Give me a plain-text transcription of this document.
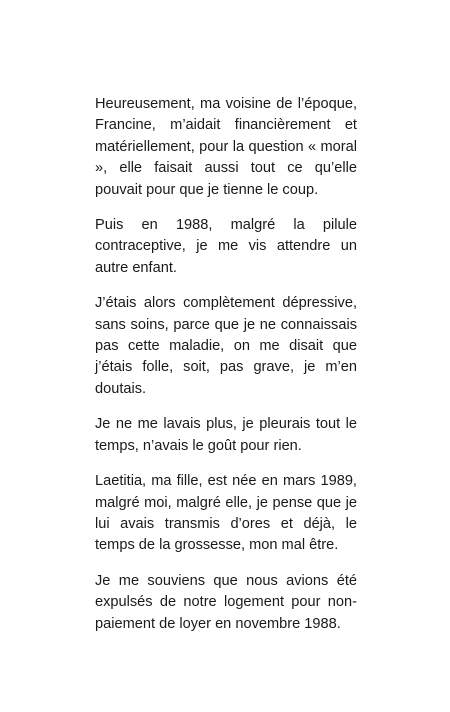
Heureusement, ma voisine de l’époque, Francine, m’aidait financièrement et matériellement, pour la question « moral », elle faisait aussi tout ce qu’elle pouvait pour que je tienne le coup.

Puis en 1988, malgré la pilule contraceptive, je me vis attendre un autre enfant.

J’étais alors complètement dépressive, sans soins, parce que je ne connaissais pas cette maladie, on me disait que j’étais folle, soit, pas grave, je m’en doutais.

Je ne me lavais plus, je pleurais tout le temps, n’avais le goût pour rien.

Laetitia, ma fille, est née en mars 1989, malgré moi, malgré elle, je pense que je lui avais transmis d’ores et déjà, le temps de la grossesse, mon mal être.

Je me souviens que nous avions été expulsés de notre logement pour non-paiement de loyer en novembre 1988.
